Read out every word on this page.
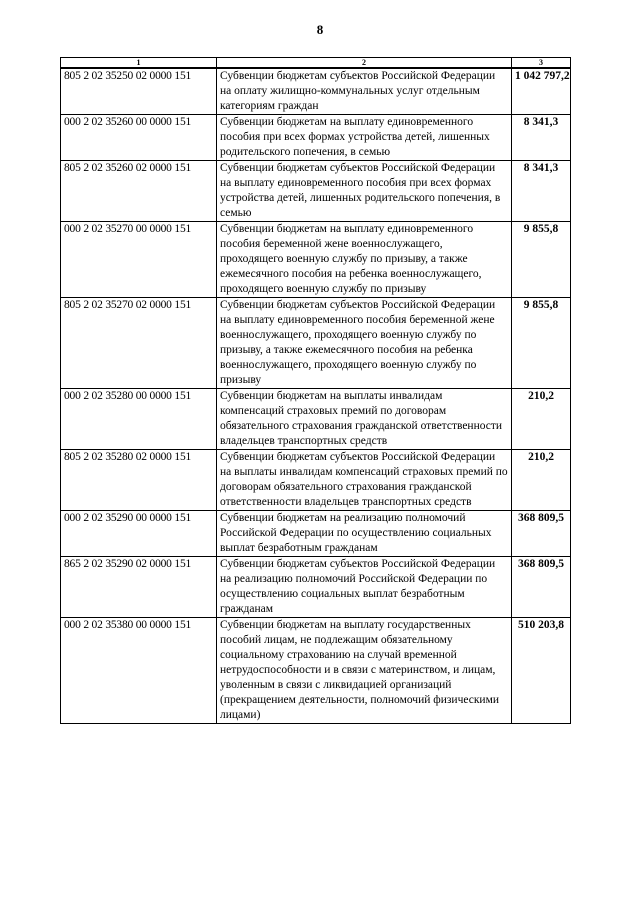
8
1	2	3
805 2 02 35250 02 0000 151	Субвенции бюджетам субъектов Российской Федерации на оплату жилищно-коммунальных услуг отдельным категориям граждан	1 042 797,2
000 2 02 35260 00 0000 151	Субвенции бюджетам на выплату единовременного пособия при всех формах устройства детей, лишенных родительского попечения, в семью	8 341,3
805 2 02 35260 02 0000 151	Субвенции бюджетам субъектов Российской Федерации на выплату единовременного пособия при всех формах устройства детей, лишенных родительского попечения, в семью	8 341,3
000 2 02 35270 00 0000 151	Субвенции бюджетам на выплату единовременного пособия беременной жене военнослужащего, проходящего военную службу по призыву, а также ежемесячного пособия на ребенка военнослужащего, проходящего военную службу по призыву	9 855,8
805 2 02 35270 02 0000 151	Субвенции бюджетам субъектов Российской Федерации на выплату единовременного пособия беременной жене военнослужащего, проходящего военную службу по призыву, а также ежемесячного пособия на ребенка военнослужащего, проходящего военную службу по призыву	9 855,8
000 2 02 35280 00 0000 151	Субвенции бюджетам на выплаты инвалидам компенсаций страховых премий по договорам обязательного страхования гражданской ответственности владельцев транспортных средств	210,2
805 2 02 35280 02 0000 151	Субвенции бюджетам субъектов Российской Федерации на выплаты инвалидам компенсаций страховых премий по договорам обязательного страхования гражданской ответственности владельцев транспортных средств	210,2
000 2 02 35290 00 0000 151	Субвенции бюджетам на реализацию полномочий Российской Федерации по осуществлению социальных выплат безработным гражданам	368 809,5
865 2 02 35290 02 0000 151	Субвенции бюджетам субъектов Российской Федерации на реализацию полномочий Российской Федерации по осуществлению социальных выплат безработным гражданам	368 809,5
000 2 02 35380 00 0000 151	Субвенции бюджетам на выплату государственных пособий лицам, не подлежащим обязательному социальному страхованию на случай временной нетрудоспособности и в связи с материнством, и лицам, уволенным в связи с ликвидацией организаций (прекращением деятельности, полномочий физическими лицами)	510 203,8
